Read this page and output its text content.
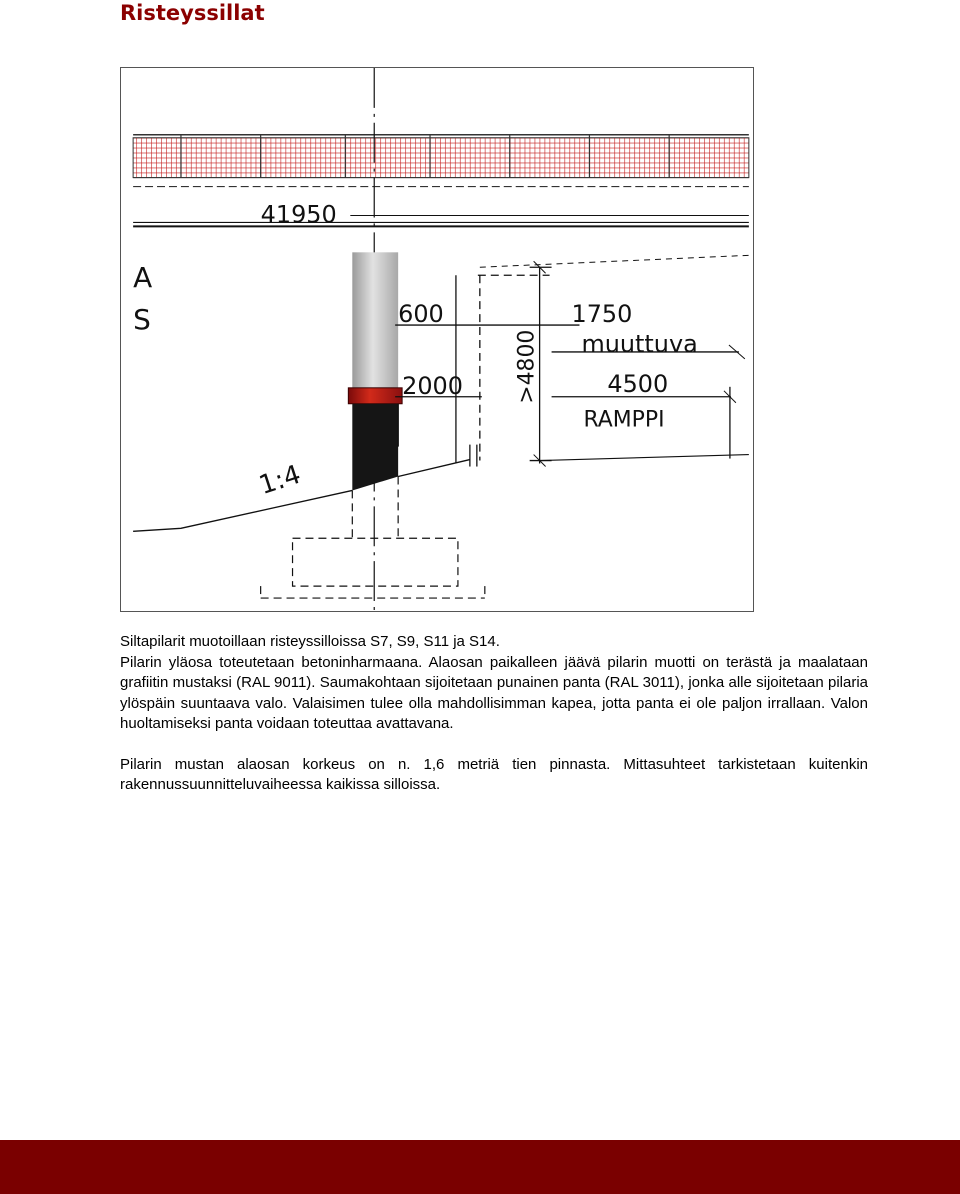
Risteyssillat
41950
A
S	600
2000 >4800
1750
muuttuva
4500
RAMPPI
1:4

Siltapilarit muotoillaan risteyssilloissa S7, S9, S11 ja S14.

Pilarin yläosa toteutetaan betoninharmaana. Alaosan paikalleen jäävä pilarin muotti on terästä ja maalataan grafiitin mustaksi (RAL 9011). Saumakohtaan sijoitetaan punainen panta (RAL 3011), jonka alle sijoitetaan pilaria ylöspäin suuntaava valo. Valaisimen tulee olla mahdollisimman kapea, jotta panta ei ole paljon irrallaan. Valon huoltamiseksi panta voidaan toteuttaa avattavana.

Pilarin mustan alaosan korkeus on n. 1,6 metriä tien pinnasta. Mittasuhteet tarkistetaan kuitenkin rakennussuunnitteluvaiheessa kaikissa silloissa.
